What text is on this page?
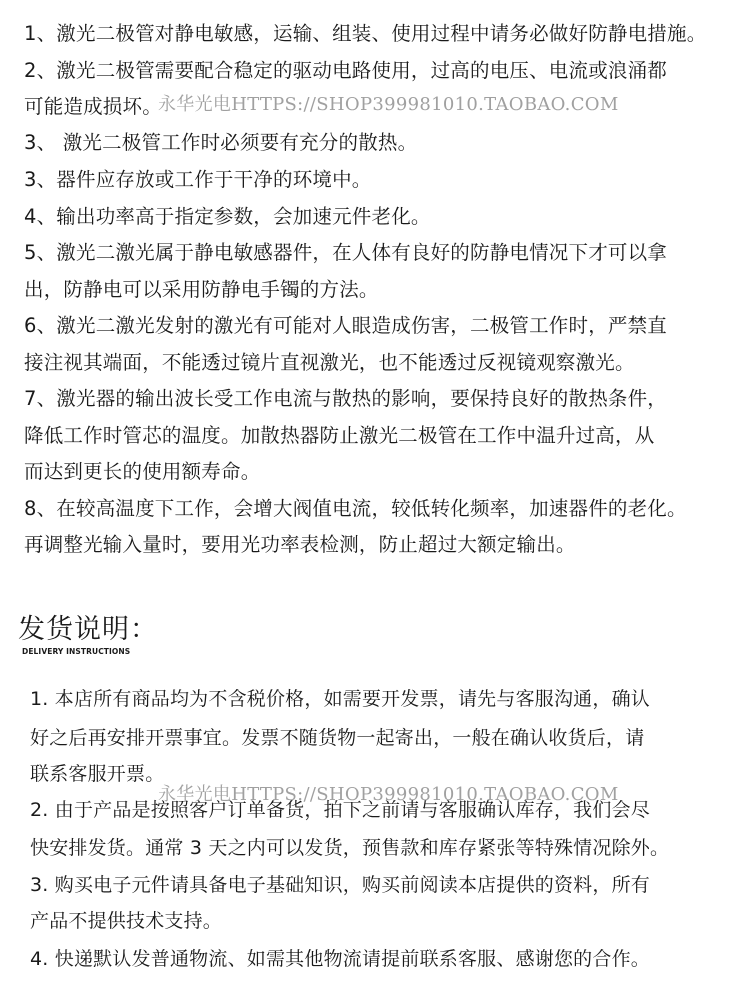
1、激光二极管对静电敏感，运输、组装、使用过程中请务必做好防静电措施。
2、激光二极管需要配合稳定的驱动电路使用，过高的电压、电流或浪涌都
可能造成损坏。
3、 激光二极管工作时必须要有充分的散热。
3、器件应存放或工作于干净的环境中。
4、输出功率高于指定参数，会加速元件老化。
5、激光二激光属于静电敏感器件，在人体有良好的防静电情况下才可以拿
出，防静电可以采用防静电手镯的方法。
6、激光二激光发射的激光有可能对人眼造成伤害，二极管工作时，严禁直
接注视其端面，不能透过镜片直视激光，也不能透过反视镜观察激光。
7、激光器的输出波长受工作电流与散热的影响，要保持良好的散热条件，
降低工作时管芯的温度。加散热器防止激光二极管在工作中温升过高，从
而达到更长的使用额寿命。
8、在较高温度下工作，会增大阀值电流，较低转化频率，加速器件的老化。
再调整光输入量时，要用光功率表检测，防止超过大额定输出。
永华光电HTTPS://SHOP399981010.TAOBAO.COM
发货说明：
DELIVERY INSTRUCTIONS
1. 本店所有商品均为不含税价格，如需要开发票，请先与客服沟通，确认
好之后再安排开票事宜。发票不随货物一起寄出，一般在确认收货后，请
联系客服开票。
2. 由于产品是按照客户订单备货，拍下之前请与客服确认库存，我们会尽
快安排发货。通常 3 天之内可以发货，预售款和库存紧张等特殊情况除外。
3. 购买电子元件请具备电子基础知识，购买前阅读本店提供的资料，所有
产品不提供技术支持。
4. 快递默认发普通物流、如需其他物流请提前联系客服、感谢您的合作。
永华光电HTTPS://SHOP399981010.TAOBAO.COM
